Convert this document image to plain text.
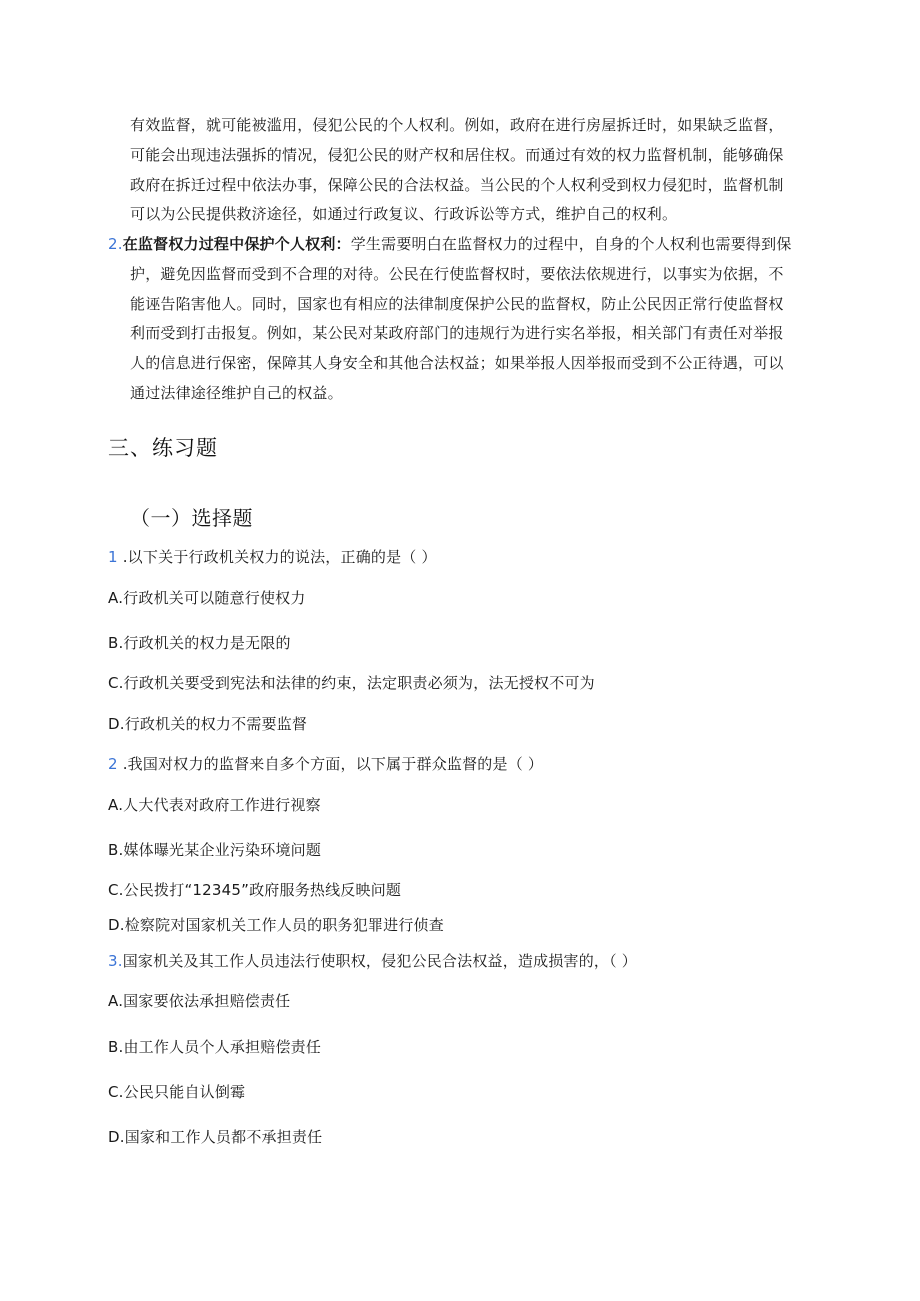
有效监督，就可能被滥用，侵犯公民的个人权利。例如，政府在进行房屋拆迁时，如果缺乏监督，
可能会出现违法强拆的情况，侵犯公民的财产权和居住权。而通过有效的权力监督机制，能够确保
政府在拆迁过程中依法办事，保障公民的合法权益。当公民的个人权利受到权力侵犯时，监督机制
可以为公民提供救济途径，如通过行政复议、行政诉讼等方式，维护自己的权利。
2.在监督权力过程中保护个人权利：学生需要明白在监督权力的过程中，自身的个人权利也需要得到保
护，避免因监督而受到不合理的对待。公民在行使监督权时，要依法依规进行，以事实为依据，不
能诬告陷害他人。同时，国家也有相应的法律制度保护公民的监督权，防止公民因正常行使监督权
利而受到打击报复。例如，某公民对某政府部门的违规行为进行实名举报，相关部门有责任对举报
人的信息进行保密，保障其人身安全和其他合法权益；如果举报人因举报而受到不公正待遇，可以
通过法律途径维护自己的权益。
三、练习题
（一）选择题
1 .以下关于行政机关权力的说法，正确的是（ ）
A.行政机关可以随意行使权力
B.行政机关的权力是无限的
C.行政机关要受到宪法和法律的约束，法定职责必须为，法无授权不可为
D.行政机关的权力不需要监督
2 .我国对权力的监督来自多个方面，以下属于群众监督的是（ ）
A.人大代表对政府工作进行视察
B.媒体曝光某企业污染环境问题
C.公民拨打“12345”政府服务热线反映问题
D.检察院对国家机关工作人员的职务犯罪进行侦查
3.国家机关及其工作人员违法行使职权，侵犯公民合法权益，造成损害的，（ ）
A.国家要依法承担赔偿责任
B.由工作人员个人承担赔偿责任
C.公民只能自认倒霉
D.国家和工作人员都不承担责任
